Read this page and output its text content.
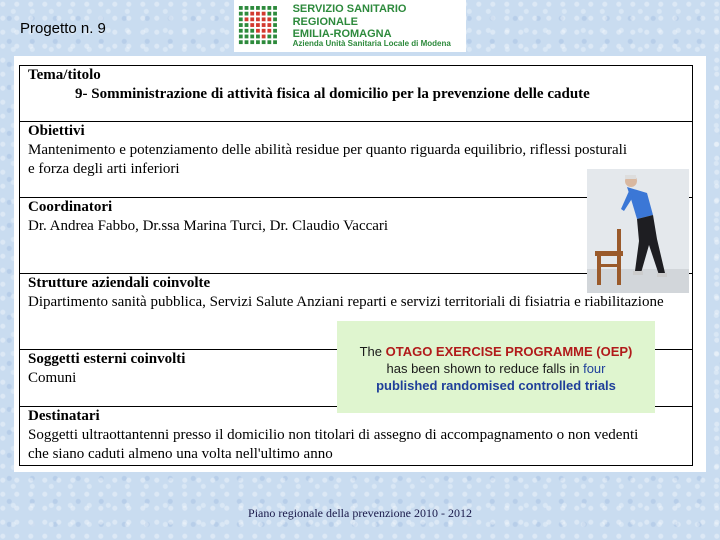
Progetto n. 9
SERVIZIO SANITARIO REGIONALE
EMILIA-ROMAGNA
Azienda Unità Sanitaria Locale di Modena
Tema/titolo
9- Somministrazione di attività fisica al domicilio per la prevenzione delle cadute
Obiettivi
Mantenimento e potenziamento delle abilità residue per quanto riguarda equilibrio, riflessi posturali e forza degli arti inferiori
Coordinatori
Dr. Andrea Fabbo, Dr.ssa Marina Turci, Dr. Claudio Vaccari
Strutture aziendali coinvolte
Dipartimento sanità pubblica, Servizi Salute Anziani reparti e servizi territoriali di fisiatria e riabilitazione
Soggetti esterni coinvolti
Comuni
Destinatari
Soggetti ultraottantenni presso il domicilio non titolari di assegno di accompagnamento o non vedenti che siano caduti almeno una volta nell'ultimo anno
The OTAGO EXERCISE PROGRAMME (OEP)
has been shown to reduce falls in four
published randomised controlled trials
Piano regionale della prevenzione 2010 - 2012
